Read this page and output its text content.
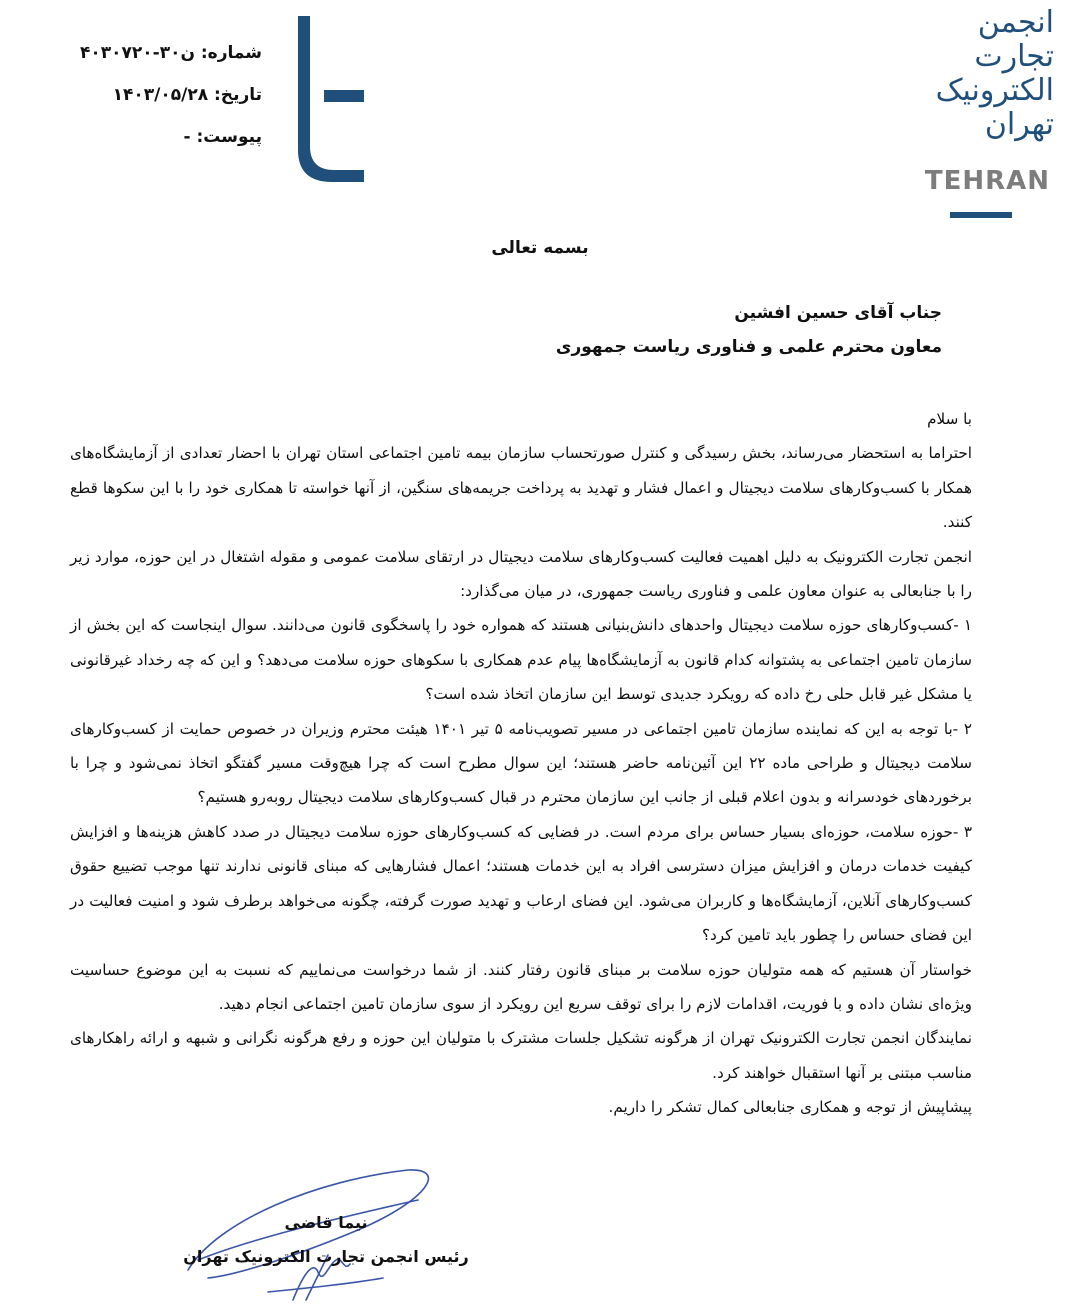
انجمن
تجارت
الکترونیک
تهران
TEHRAN
شماره: ن۳۰-۴۰۳۰۷۲۰
تاریخ: ۱۴۰۳/۰۵/۲۸
پیوست: -
بسمه تعالی
جناب آقای حسین افشین
معاون محترم علمی و فناوری ریاست جمهوری

با سلام

احتراما به استحضار می‌رساند، بخش رسیدگی و کنترل صورتحساب سازمان بیمه تامین اجتماعی استان تهران با احضار تعدادی از آزمایشگاه‌های همکار با کسب‌وکارهای سلامت دیجیتال و اعمال فشار و تهدید به پرداخت جریمه‌های سنگین، از آنها خواسته تا همکاری خود را با این سکوها قطع کنند.

انجمن تجارت الکترونیک به دلیل اهمیت فعالیت کسب‌وکارهای سلامت دیجیتال در ارتقای سلامت عمومی و مقوله اشتغال در این حوزه، موارد زیر را با جنابعالی به عنوان معاون علمی و فناوری ریاست جمهوری، در میان می‌گذارد:

۱ -کسب‌وکارهای حوزه سلامت دیجیتال واحدهای دانش‌بنیانی هستند که همواره خود را پاسخگوی قانون می‌دانند. سوال اینجاست که این بخش از سازمان تامین اجتماعی به پشتوانه کدام قانون به آزمایشگاه‌ها پیام عدم همکاری با سکوهای حوزه سلامت می‌دهد؟ و این که چه رخداد غیرقانونی یا مشکل غیر قابل حلی رخ داده که رویکرد جدیدی توسط این سازمان اتخاذ شده است؟

۲ -با توجه به این که نماینده سازمان تامین اجتماعی در مسیر تصویب‌نامه ۵ تیر ۱۴۰۱ هیئت محترم وزیران در خصوص حمایت از کسب‌وکارهای سلامت دیجیتال و طراحی ماده ۲۲ این آئین‌نامه حاضر هستند؛ این سوال مطرح است که چرا هیچ‌وقت مسیر گفتگو اتخاذ نمی‌شود و چرا با برخوردهای خودسرانه و بدون اعلام قبلی از جانب این سازمان محترم در قبال کسب‌وکارهای سلامت دیجیتال روبه‌رو هستیم؟

۳ -حوزه سلامت، حوزه‌ای بسیار حساس برای مردم است. در فضایی که کسب‌وکارهای حوزه سلامت دیجیتال در صدد کاهش هزینه‌ها و افزایش کیفیت خدمات درمان و افزایش میزان دسترسی افراد به این خدمات هستند؛ اعمال فشارهایی که مبنای قانونی ندارند تنها موجب تضییع حقوق کسب‌وکارهای آنلاین، آزمایشگاه‌ها و کاربران می‌شود. این فضای ارعاب و تهدید صورت گرفته، چگونه می‌خواهد برطرف شود و امنیت فعالیت در این فضای حساس را چطور باید تامین کرد؟

خواستار آن هستیم که همه متولیان حوزه سلامت بر مبنای قانون رفتار کنند. از شما درخواست می‌نماییم که نسبت به این موضوع حساسیت ویژه‌ای نشان داده و با فوریت، اقدامات لازم را برای توقف سریع این رویکرد از سوی سازمان تامین اجتماعی انجام دهید.

نمایندگان انجمن تجارت الکترونیک تهران از هرگونه تشکیل جلسات مشترک با متولیان این حوزه و رفع هرگونه نگرانی و شبهه و ارائه راهکارهای مناسب مبتنی بر آنها استقبال خواهند کرد.

پیشاپیش از توجه و همکاری جنابعالی کمال تشکر را داریم.

نیما قاضی
رئیس انجمن تجارت الکترونیک تهران
